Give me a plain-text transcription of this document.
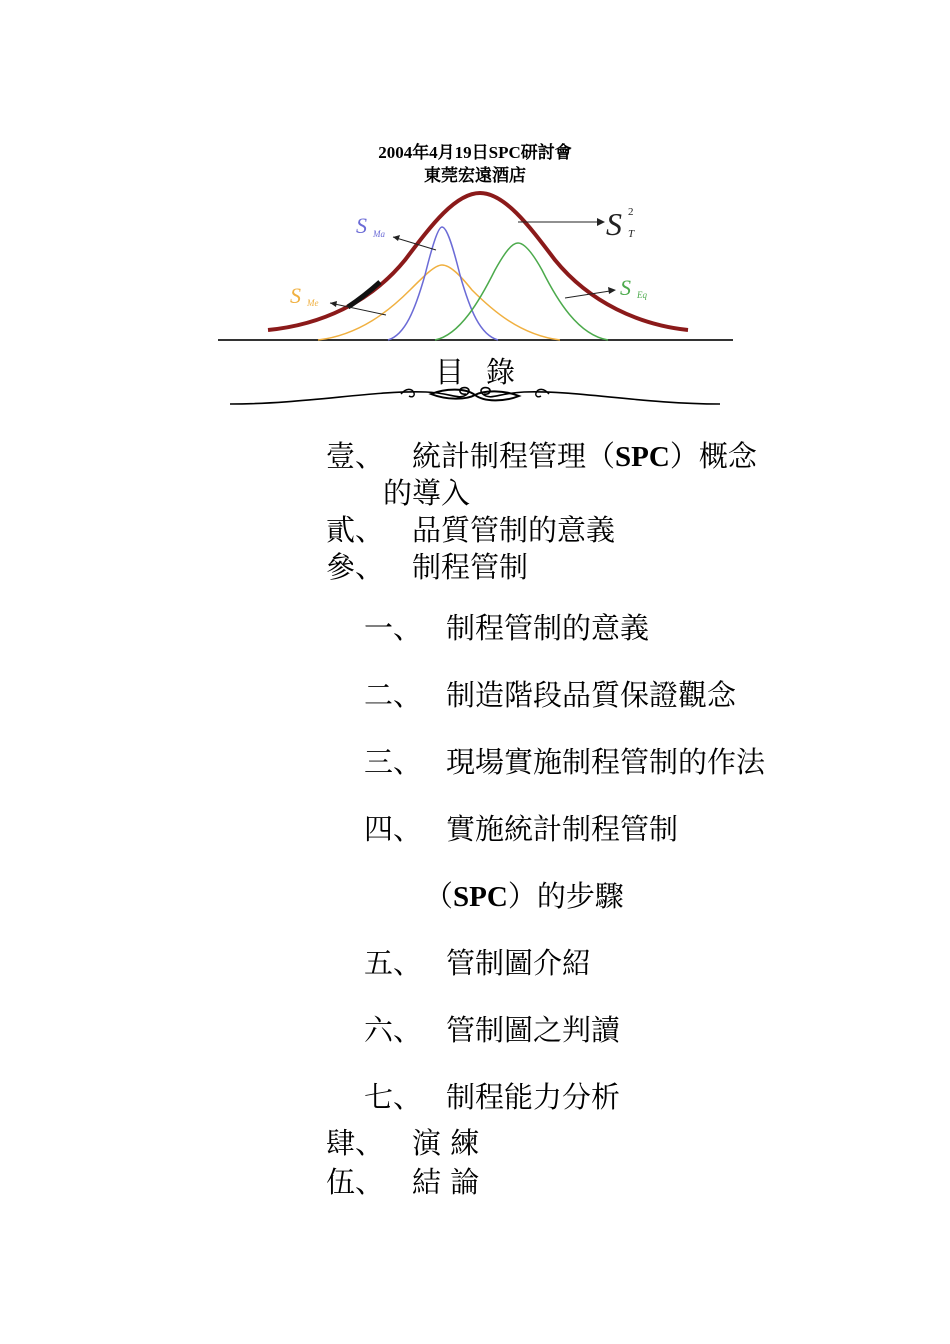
2004年4月19日SPC研討會
東莞宏遠酒店
S Ma
S Me
S T
2
S Eq
目錄
壹、 統計制程管理（SPC）概念
的導入
貳、 品質管制的意義
參、 制程管制
一、 制程管制的意義
二、 制造階段品質保證觀念
三、 現場實施制程管制的作法
四、 實施統計制程管制
（SPC）的步驟
五、 管制圖介紹
六、 管制圖之判讀
七、 制程能力分析
肆、 演 練
伍、 結 論
